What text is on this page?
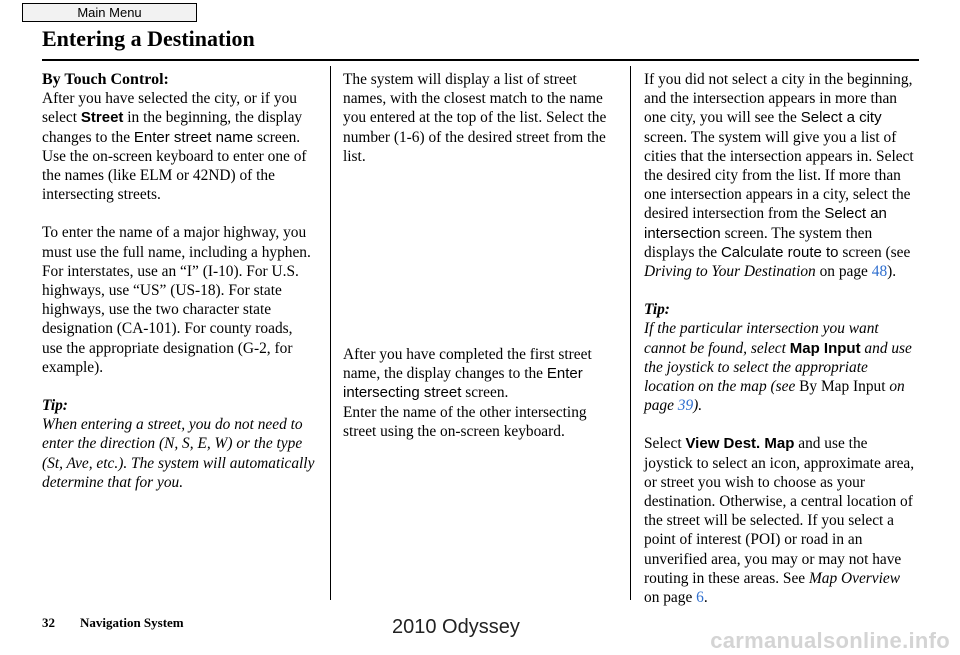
Main Menu
Entering a Destination

By Touch Control:

After you have selected the city, or if you select Street in the beginning, the display changes to the Enter street name screen. Use the on-screen keyboard to enter one of the names (like ELM or 42ND) of the intersecting streets.

To enter the name of a major highway, you must use the full name, including a hyphen. For interstates, use an “I” (I-10). For U.S. highways, use “US” (US-18). For state highways, use the two character state designation (CA-101). For county roads, use the appropriate designation (G-2, for example).

Tip:

When entering a street, you do not need to enter the direction (N, S, E, W) or the type (St, Ave, etc.). The system will automatically determine that for you.

The system will display a list of street names, with the closest match to the name you entered at the top of the list. Select the number (1-6) of the desired street from the list.

After you have completed the first street name, the display changes to the Enter intersecting street screen.

Enter the name of the other intersecting street using the on-screen keyboard.

If you did not select a city in the beginning, and the intersection appears in more than one city, you will see the Select a city screen. The system will give you a list of cities that the intersection appears in. Select the desired city from the list. If more than one intersection appears in a city, select the desired intersection from the Select an intersection screen. The system then displays the Calculate route to screen (see Driving to Your Destination on page 48).

Tip:

If the particular intersection you want cannot be found, select Map Input and use the joystick to select the appropriate location on the map (see By Map Input on page 39).

Select View Dest. Map and use the joystick to select an icon, approximate area, or street you wish to choose as your destination. Otherwise, a central location of the street will be selected. If you select a point of interest (POI) or road in an unverified area, you may or may not have routing in these areas. See Map Overview on page 6.

32 Navigation System	2010 Odyssey
carmanualsonline.info
